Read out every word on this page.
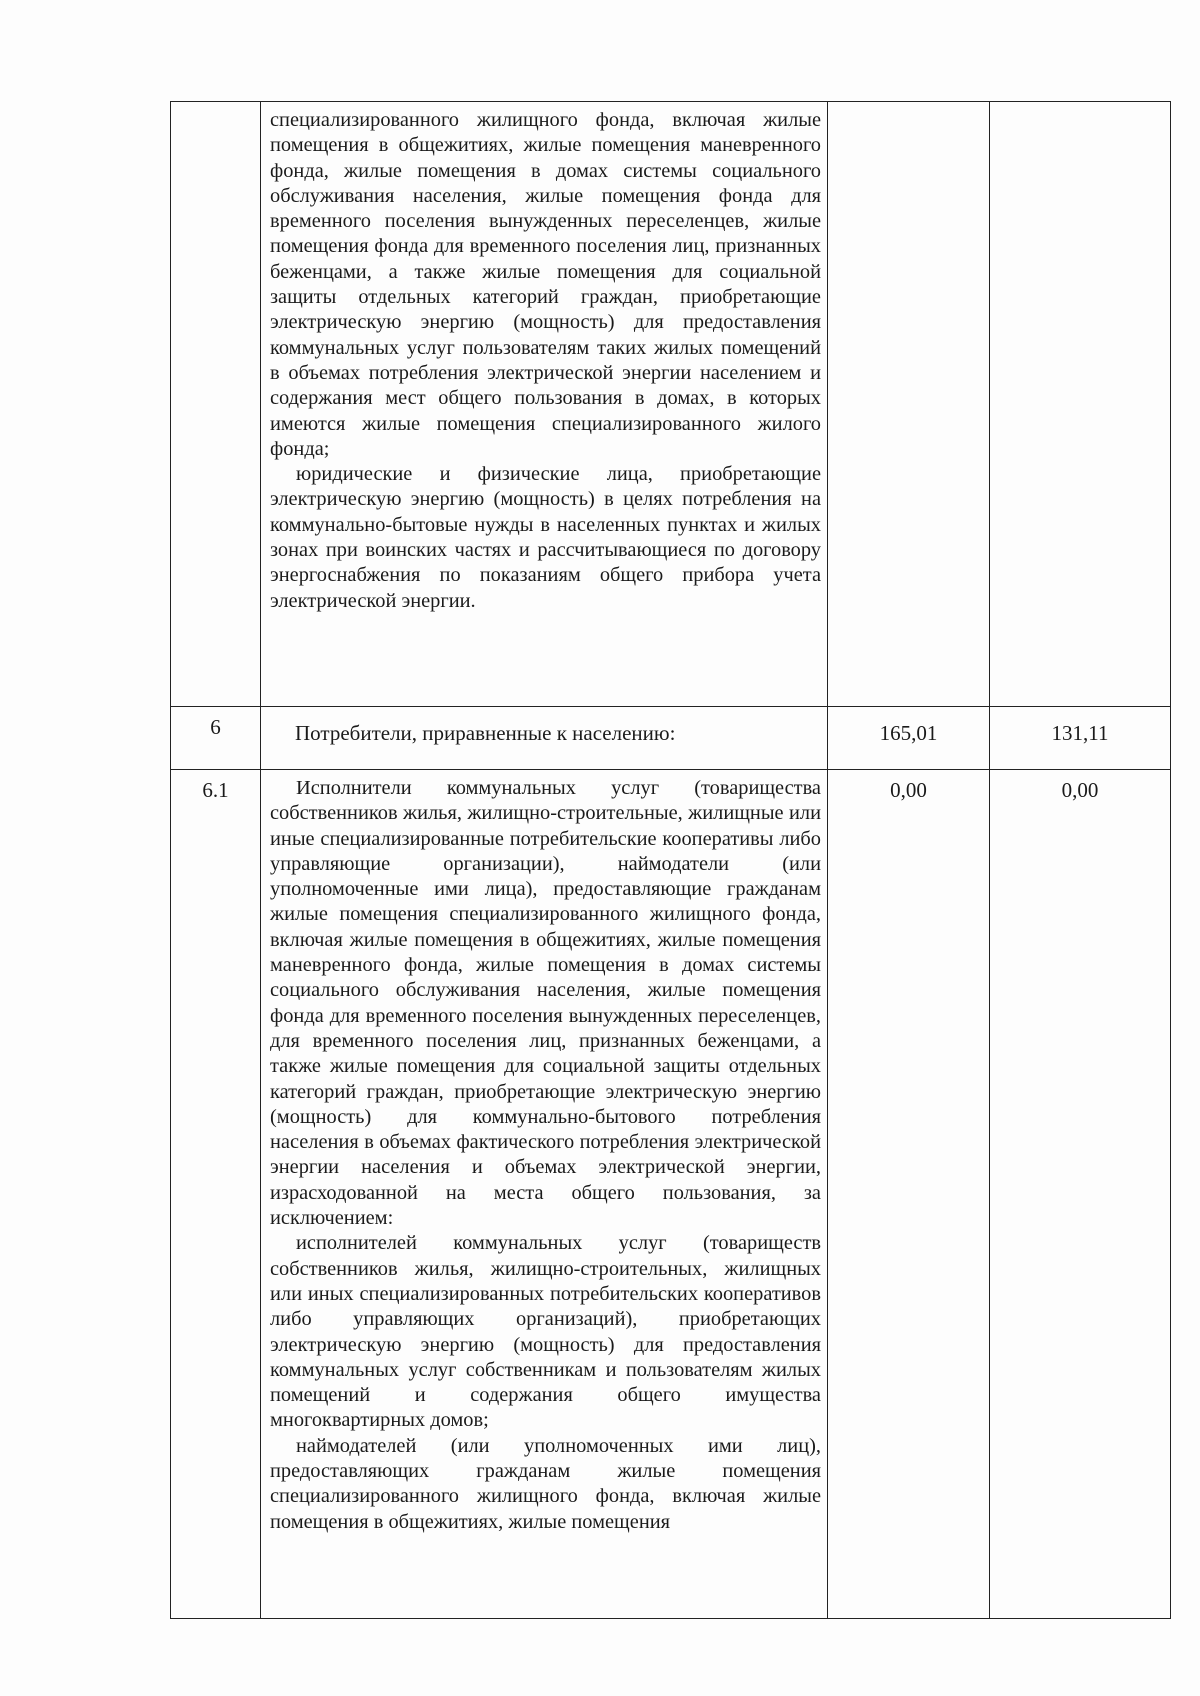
	специализированного жилищного фонда, включая жилые помещения в общежитиях, жилые помещения маневренного фонда, жилые помещения в домах системы социального обслуживания населения, жилые помещения фонда для временного поселения вынужденных переселенцев, жилые помещения фонда для временного поселения лиц, признанных беженцами, а также жилые помещения для социальной защиты отдельных категорий граждан, приобретающие электрическую энергию (мощность) для предоставления коммунальных услуг пользователям таких жилых помещений в объемах потребления электрической энергии населением и содержания мест общего пользования в домах, в которых имеются жилые помещения специализированного жилого фонда;

юридические и физические лица, приобретающие электрическую энергию (мощность) в целях потребления на коммунально-бытовые нужды в населенных пунктах и жилых зонах при воинских частях и рассчитывающиеся по договору энергоснабжения по показаниям общего прибора учета электрической энергии.		

6	Потребители, приравненные к населению:	165,01	131,11
6.1	Исполнители коммунальных услуг (товарищества собственников жилья, жилищно-строительные, жилищные или иные специализированные потребительские кооперативы либо управляющие организации), наймодатели (или уполномоченные ими лица), предоставляющие гражданам жилые помещения специализированного жилищного фонда, включая жилые помещения в общежитиях, жилые помещения маневренного фонда, жилые помещения в домах системы социального обслуживания населения, жилые помещения фонда для временного поселения вынужденных переселенцев, для временного поселения лиц, признанных беженцами, а также жилые помещения для социальной защиты отдельных категорий граждан, приобретающие электрическую энергию (мощность) для коммунально-бытового потребления населения в объемах фактического потребления электрической энергии населения и объемах электрической энергии, израсходованной на места общего пользования, за исключением:

исполнителей коммунальных услуг (товариществ собственников жилья, жилищно-строительных, жилищных или иных специализированных потребительских кооперативов либо управляющих организаций), приобретающих электрическую энергию (мощность) для предоставления коммунальных услуг собственникам и пользователям жилых помещений и содержания общего имущества многоквартирных домов;

наймодателей (или уполномоченных ими лиц), предоставляющих гражданам жилые помещения специализированного жилищного фонда, включая жилые помещения в общежитиях, жилые помещения	0,00	0,00
